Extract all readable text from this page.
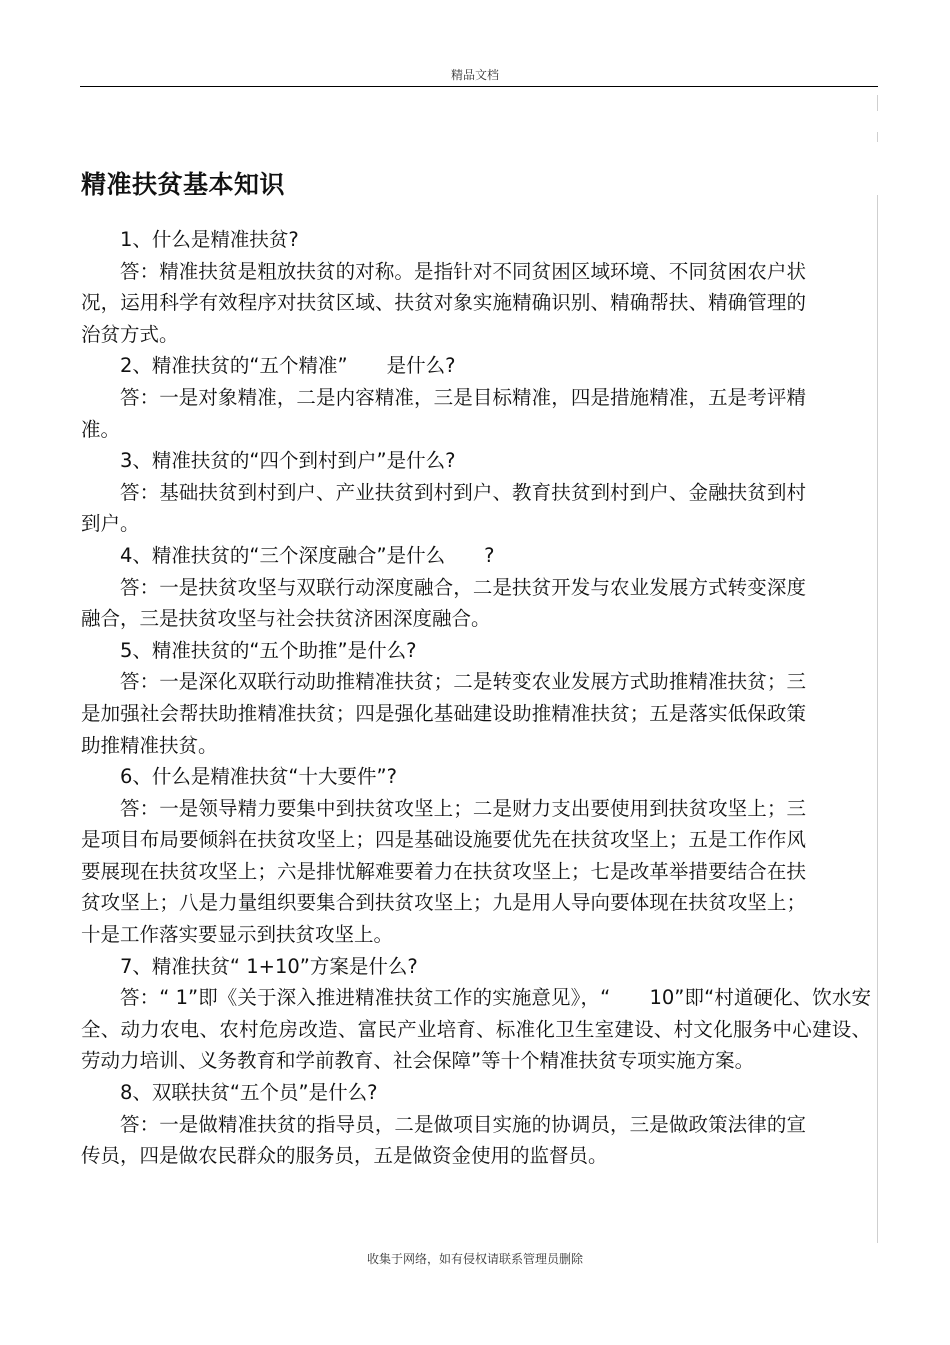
精品文档
精准扶贫基本知识

1、什么是精准扶贫?

答：精准扶贫是粗放扶贫的对称。是指针对不同贫困区域环境、不同贫困农户状况，运用科学有效程序对扶贫区域、扶贫对象实施精确识别、精确帮扶、精确管理的治贫方式。

2、精准扶贫的“五个精准”　　是什么?

答：一是对象精准，二是内容精准，三是目标精准，四是措施精准，五是考评精准。

3、精准扶贫的“四个到村到户”是什么?

答：基础扶贫到村到户、产业扶贫到村到户、教育扶贫到村到户、金融扶贫到村到户。

4、精准扶贫的“三个深度融合”是什么　　?

答：一是扶贫攻坚与双联行动深度融合，二是扶贫开发与农业发展方式转变深度融合，三是扶贫攻坚与社会扶贫济困深度融合。

5、精准扶贫的“五个助推”是什么?

答：一是深化双联行动助推精准扶贫；二是转变农业发展方式助推精准扶贫；三是加强社会帮扶助推精准扶贫；四是强化基础建设助推精准扶贫；五是落实低保政策助推精准扶贫。

6、什么是精准扶贫“十大要件”?

答：一是领导精力要集中到扶贫攻坚上；二是财力支出要使用到扶贫攻坚上；三是项目布局要倾斜在扶贫攻坚上；四是基础设施要优先在扶贫攻坚上；五是工作作风要展现在扶贫攻坚上；六是排忧解难要着力在扶贫攻坚上；七是改革举措要结合在扶贫攻坚上；八是力量组织要集合到扶贫攻坚上；九是用人导向要体现在扶贫攻坚上；十是工作落实要显示到扶贫攻坚上。

7、精准扶贫“ 1+10”方案是什么?

答：“ 1”即《关于深入推进精准扶贫工作的实施意见》，“　　10”即“村道硬化、饮水安全、动力农电、农村危房改造、富民产业培育、标准化卫生室建设、村文化服务中心建设、劳动力培训、义务教育和学前教育、社会保障”等十个精准扶贫专项实施方案。

8、双联扶贫“五个员”是什么?

答：一是做精准扶贫的指导员，二是做项目实施的协调员，三是做政策法律的宣传员，四是做农民群众的服务员，五是做资金使用的监督员。

收集于网络，如有侵权请联系管理员删除
